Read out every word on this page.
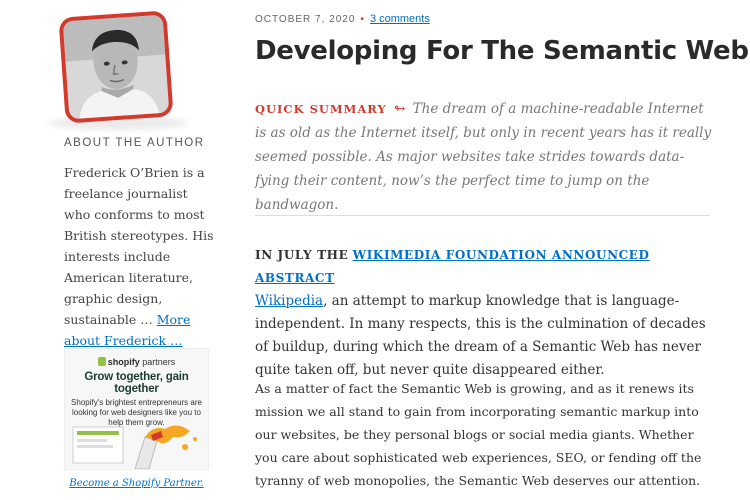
ABOUT THE AUTHOR
Frederick O’Brien is a freelance journalist who conforms to most British stereotypes. His interests include American literature, graphic design, sustainable … More about Frederick …
shopify partners
Grow together, gain together
Shopify's brightest entrepreneurs are looking for web designers like you to help them grow.
Become a Shopify Partner.
OCTOBER 7, 2020 • 3 comments
Developing For The Semantic Web
QUICK SUMMARY ↬ The dream of a machine-readable Internet is as old as the Internet itself, but only in recent years has it really seemed possible. As major websites take strides towards data-fying their content, now’s the perfect time to jump on the bandwagon.
IN JULY THE WIKIMEDIA FOUNDATION ANNOUNCED ABSTRACT
Wikipedia, an attempt to markup knowledge that is language-independent. In many respects, this is the culmination of decades of buildup, during which the dream of a Semantic Web has never quite taken off, but never quite disappeared either.
As a matter of fact the Semantic Web is growing, and as it renews its mission we all stand to gain from incorporating semantic markup into our websites, be they personal blogs or social media giants. Whether you care about sophisticated web experiences, SEO, or fending off the tyranny of web monopolies, the Semantic Web deserves our attention.
